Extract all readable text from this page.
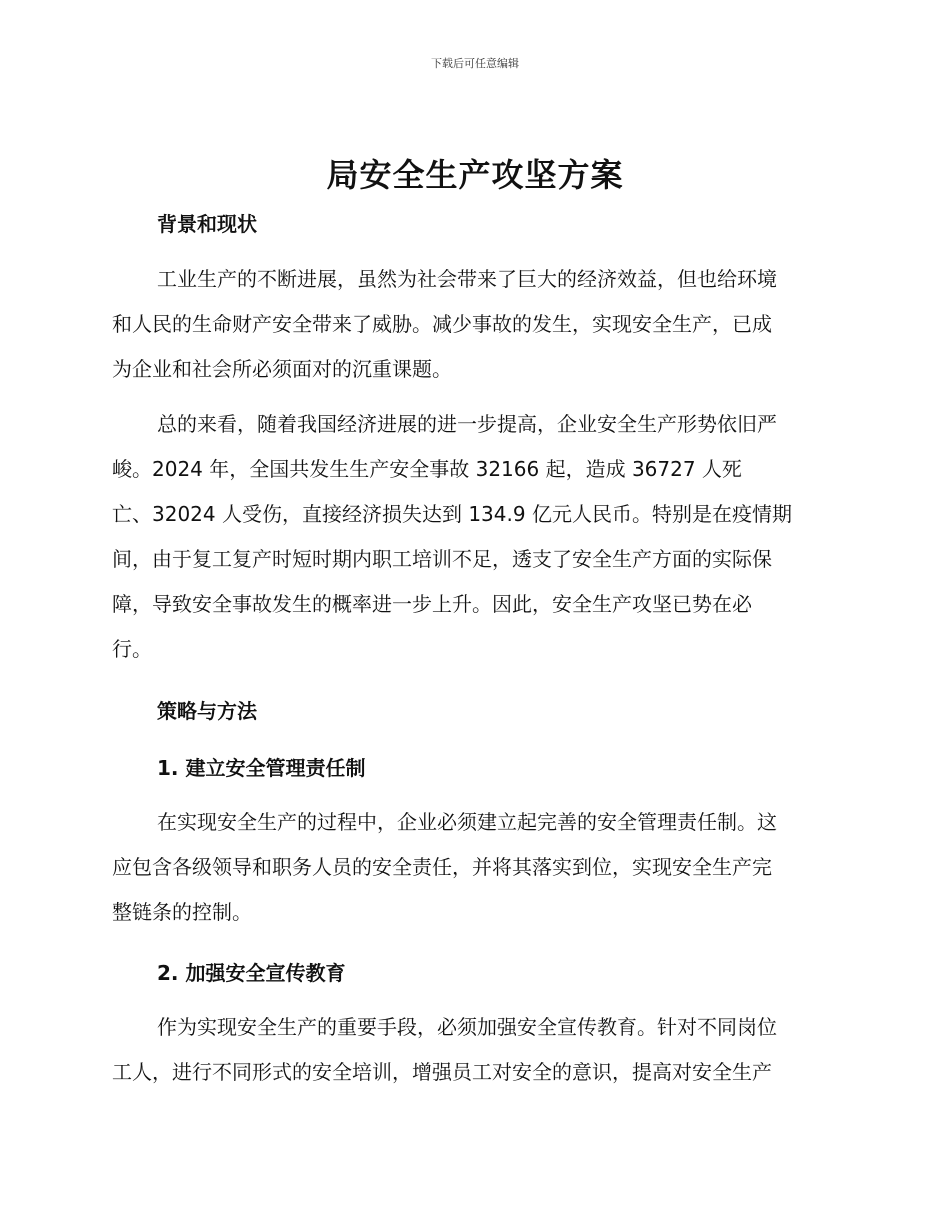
下载后可任意编辑
局安全生产攻坚方案
背景和现状
工业生产的不断进展，虽然为社会带来了巨大的经济效益，但也给环境
和人民的生命财产安全带来了威胁。减少事故的发生，实现安全生产，已成
为企业和社会所必须面对的沉重课题。
总的来看，随着我国经济进展的进一步提高，企业安全生产形势依旧严
峻。2024 年，全国共发生生产安全事故 32166 起，造成 36727 人死
亡、32024 人受伤，直接经济损失达到 134.9 亿元人民币。特别是在疫情期
间，由于复工复产时短时期内职工培训不足，透支了安全生产方面的实际保
障，导致安全事故发生的概率进一步上升。因此，安全生产攻坚已势在必
行。
策略与方法
1. 建立安全管理责任制
在实现安全生产的过程中，企业必须建立起完善的安全管理责任制。这
应包含各级领导和职务人员的安全责任，并将其落实到位，实现安全生产完
整链条的控制。
2. 加强安全宣传教育
作为实现安全生产的重要手段，必须加强安全宣传教育。针对不同岗位
工人，进行不同形式的安全培训，增强员工对安全的意识，提高对安全生产
